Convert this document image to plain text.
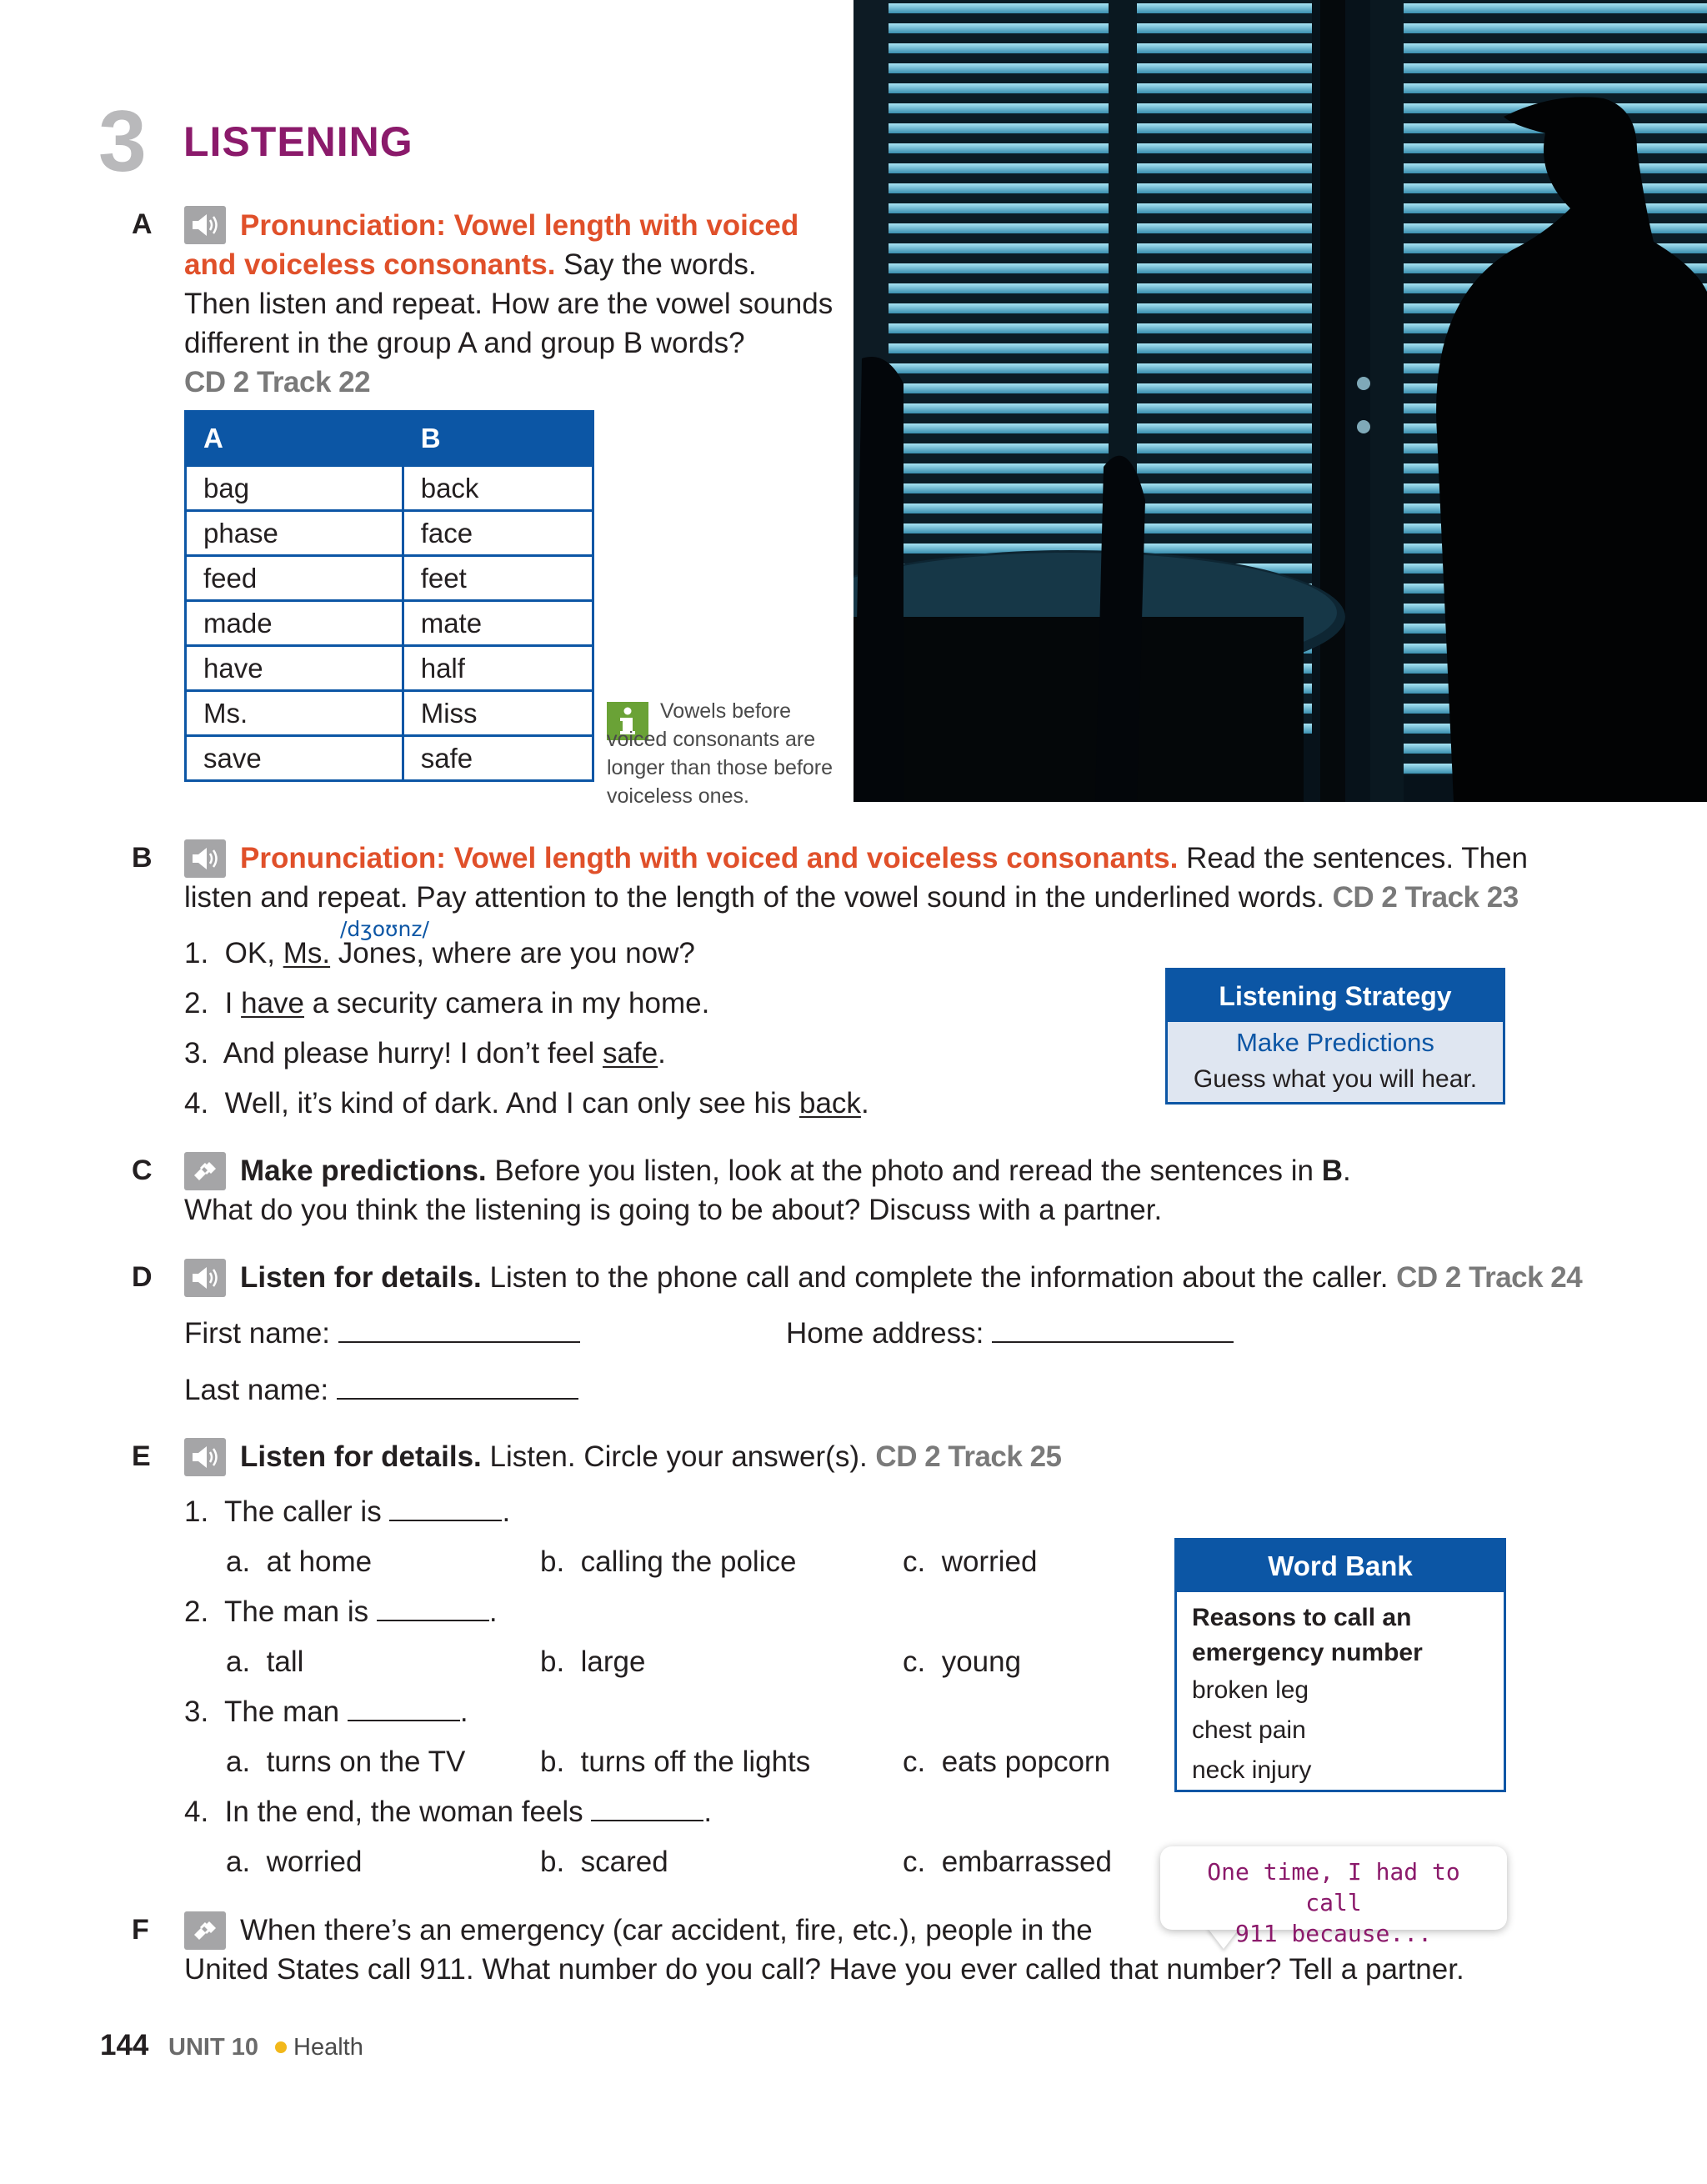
3 LISTENING
A	Pronunciation: Vowel length with voiced
and voiceless consonants. Say the words.
Then listen and repeat. How are the vowel sounds
different in the group A and group B words?
CD 2 Track 22
A	B
bag	back
phase	face
feed	feet
made	mate
have	half
Ms.	Miss
save	safe
Vowels before voiced consonants are longer than those before voiceless ones.
B	Pronunciation: Vowel length with voiced and voiceless consonants. Read the sentences. Then
listen and repeat. Pay attention to the length of the vowel sound in the underlined words. CD 2 Track 23
/dʒoʊnz/
1. OK, Ms. Jones, where are you now?
2. I have a security camera in my home.
3. And please hurry! I don’t feel safe.
4. Well, it’s kind of dark. And I can only see his back.
Listening Strategy
Make Predictions
Guess what you will hear.
C	Make predictions. Before you listen, look at the photo and reread the sentences in B.
What do you think the listening is going to be about? Discuss with a partner.
D	Listen for details. Listen to the phone call and complete the information about the caller. CD 2 Track 24
First name:	Home address:
Last name:
E	Listen for details. Listen. Circle your answer(s). CD 2 Track 25
1. The caller is	.
a. at home	b. calling the police	c. worried
2. The man is	.
a. tall	b. large	c. young
3. The man	.
a. turns on the TV	b. turns off the lights	c. eats popcorn
4. In the end, the woman feels	.
a. worried	b. scared	c. embarrassed
Word Bank
Reasons to call an
emergency number
broken leg
chest pain
neck injury
One time, I had to call
911 because...
F	When there’s an emergency (car accident, fire, etc.), people in the
United States call 911. What number do you call? Have you ever called that number? Tell a partner.
144 UNIT 10 Health
